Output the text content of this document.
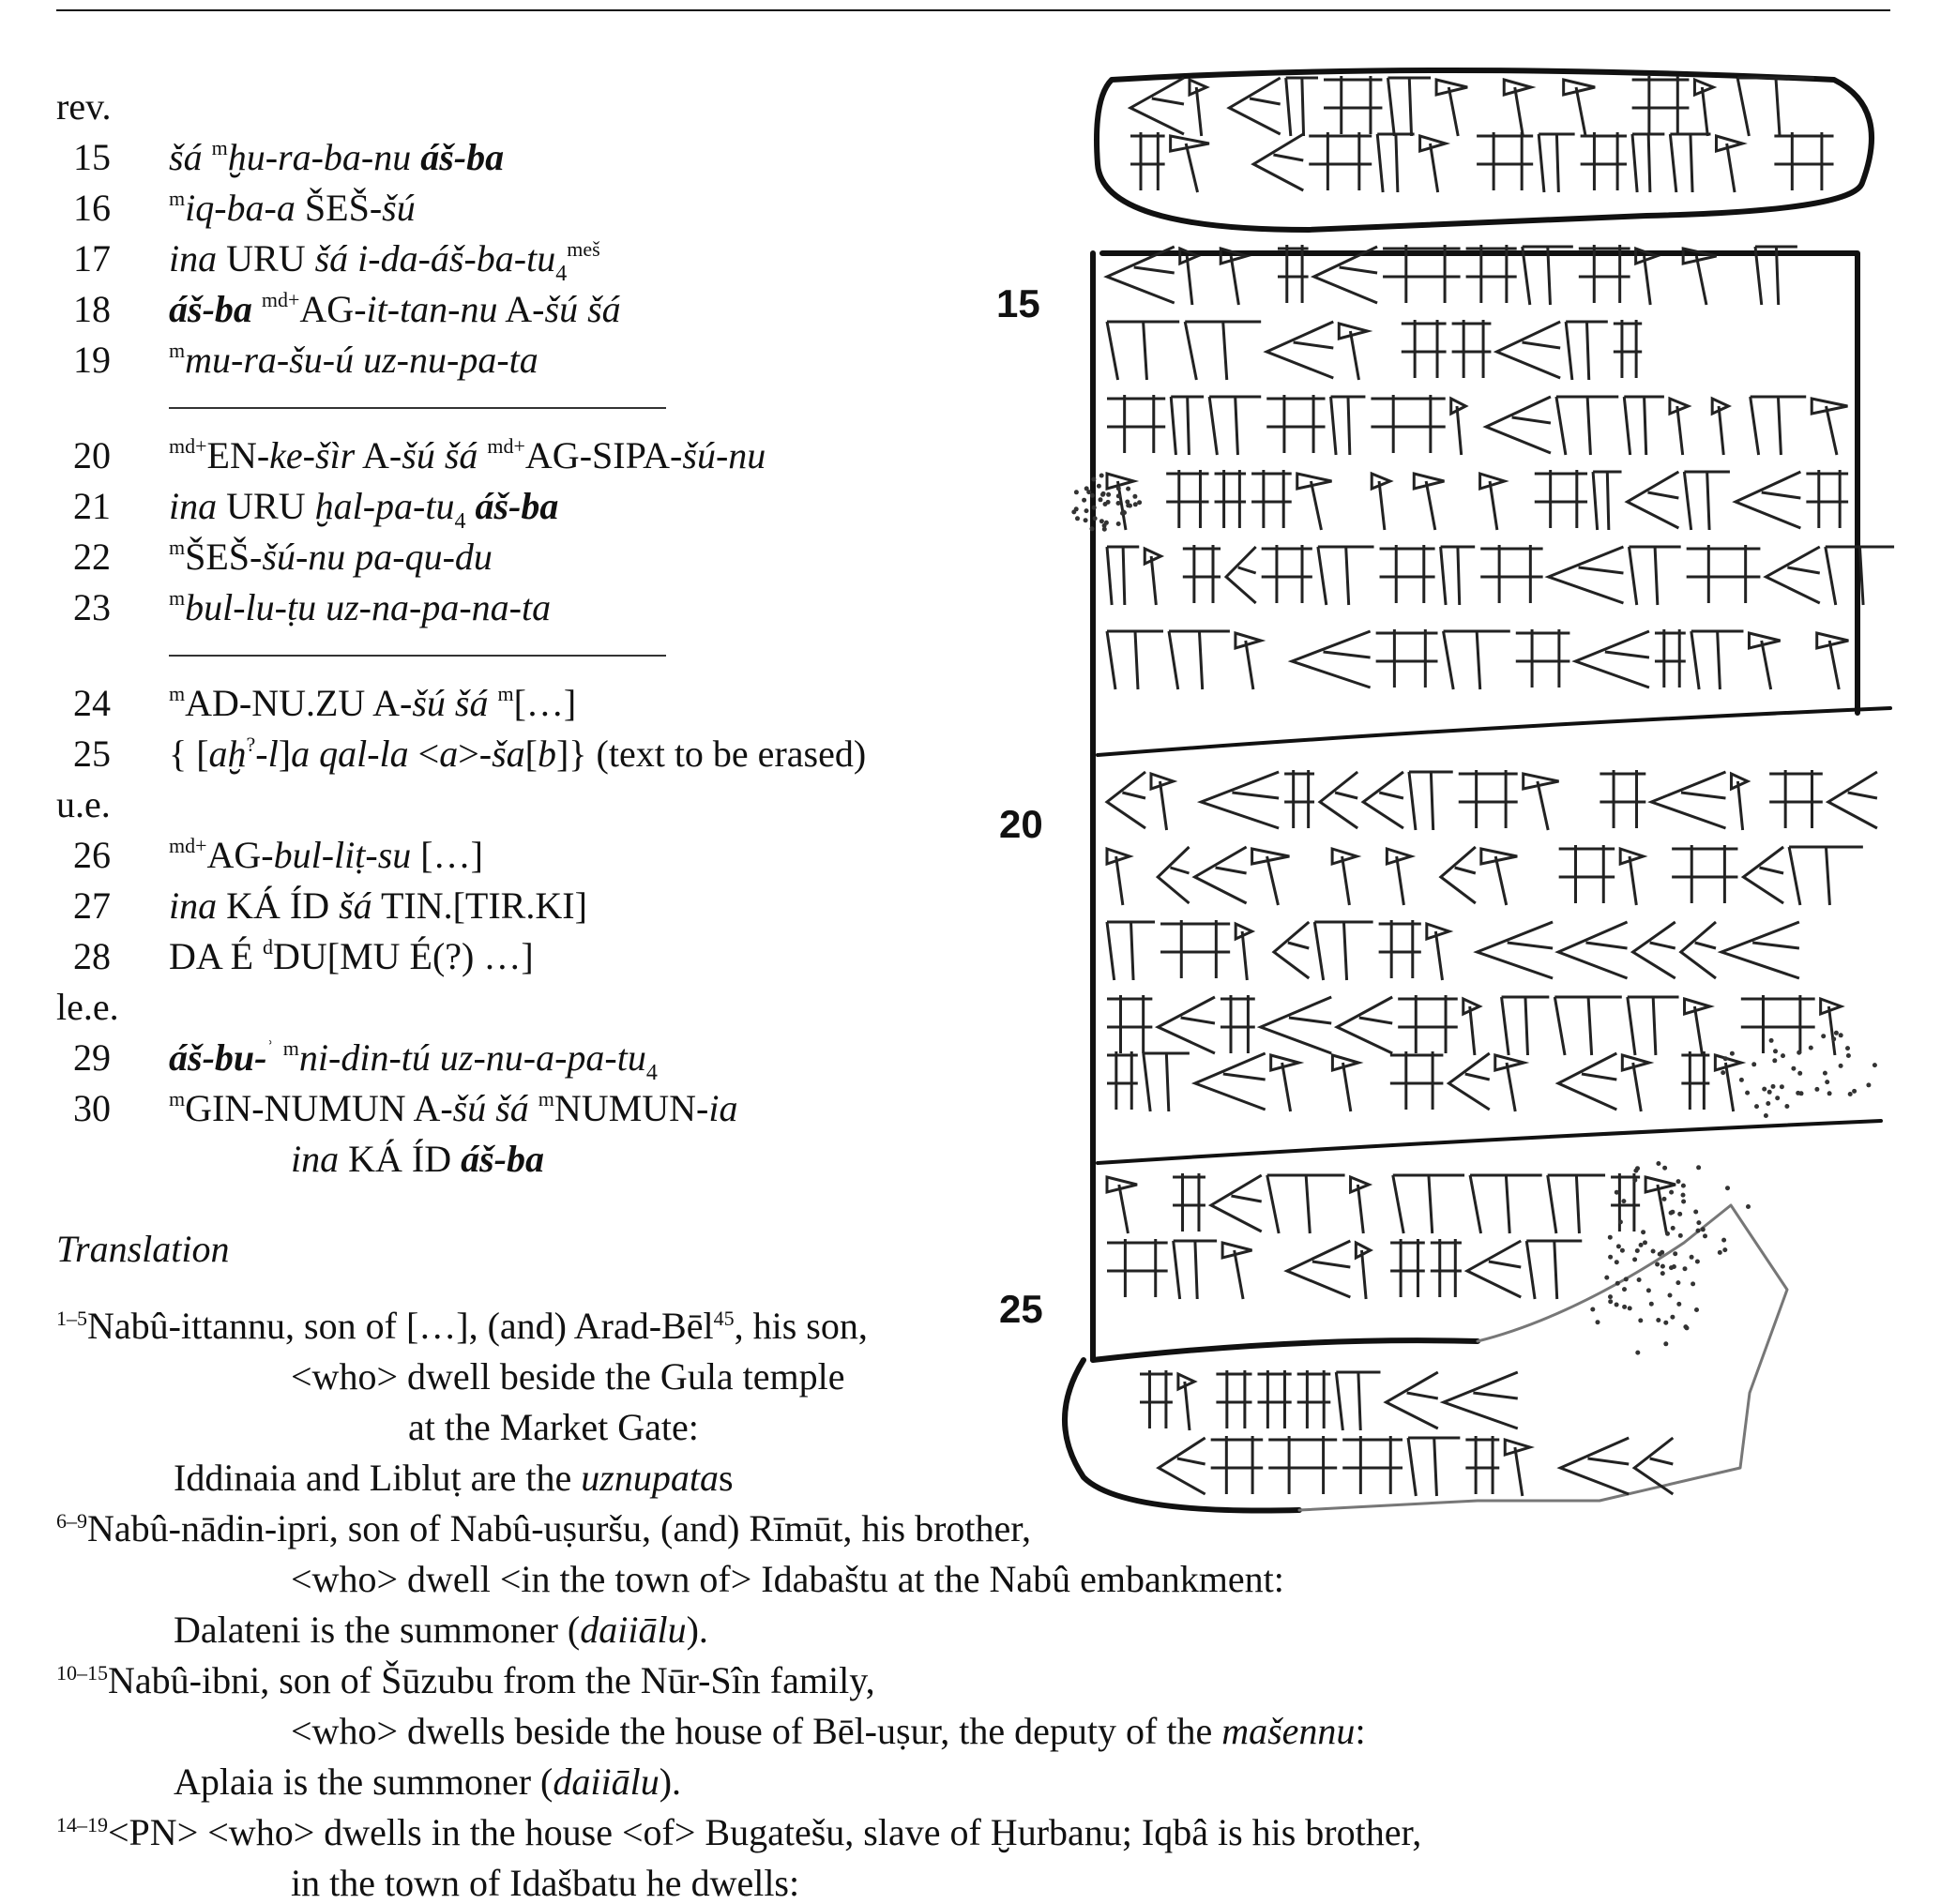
rev.
15 šá $^m$ḫu-ra-ba-nu áš-ba
16	$^m$iq-ba-a ŠEŠ-šú
17 ina URU šá $i-da-áš-ba-tu_4^{meš}$
18 áš-ba $^{md+}$AG-it-tan-nu A-šú šá
19	$^m$mu-ra-šu-ú uz-nu-pa-ta
20	$^{md+}$EN-ke-šìr A-šú šá $^{md+}$AG-SIPA-šú-nu
21 ina URU ḫal-$pa-tu_4$ áš-ba
22	$^m$ŠEŠ-šú-nu pa-qu-du
23	$^m$bul-lu-ṭu uz-na-pa-na-ta
24	$^m$AD-NU.ZU A-šú šá $^m$[…]
25 { [aḫ?-l]a qal-la <a>-ša[b]} (text to be erased)
u.e.
26	$^{md+}$AG-bul-liṭ-su […]
27 ina KÁ ÍD šá TIN.[TIR.KI]
28 DA É $^d$DU[MU É(?) …]
le.e.
29 áš-bu-$^ʾ$ $^m$ni-din-tú $uz-nu-a-pa-tu_4$
30	$^m$GIN-NUMUN A-šú šá $^m$NUMUN-ia
ina KÁ ÍD áš-ba
Translation
$^{1-5}$Nabû-ittannu, son of […], (and) Arad-Bēl$^{45}$, his son,
<who> dwell beside the Gula temple
at the Market Gate:
Iddinaia and Libluṭ are the uznupatas
$^{6-9}$Nabû-nādin-ipri, son of Nabû-uṣuršu, (and) Rīmūt, his brother,
<who> dwell <in the town of> Idabaštu at the Nabû embankment:
Dalateni is the summoner (daiiālu).
$^{10-15}$Nabû-ibni, son of Šūzubu from the Nūr-Sîn family,
<who> dwells beside the house of Bēl-uṣur, the deputy of the mašennu:
Aplaia is the summoner (daiiālu).
$^{14-19}$<PN> <who> dwells in the house <of> Bugatešu, slave of Ḫurbanu; Iqbâ is his brother,
in the town of Idašbatu he dwells:
15
20
25
